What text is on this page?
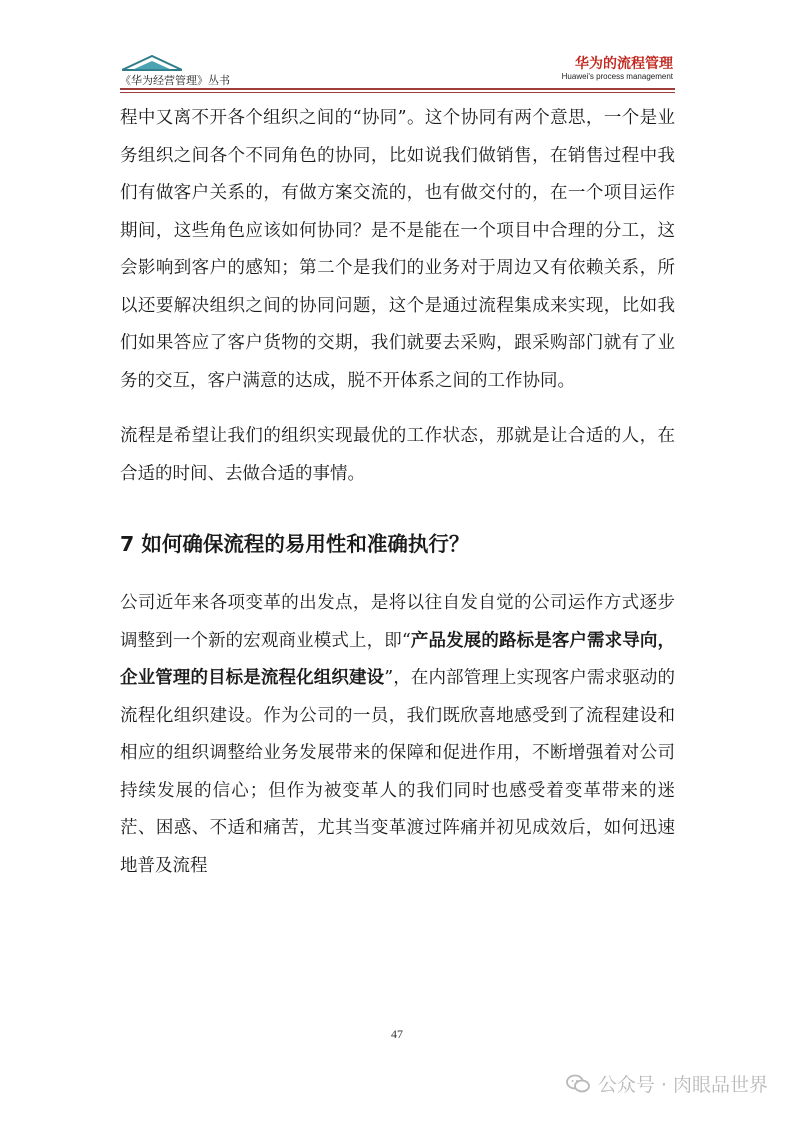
《华为经营管理》丛书
华为的流程管理
Huawei's process management

程中又离不开各个组织之间的“协同”。这个协同有两个意思，一个是业务组织之间各个不同角色的协同，比如说我们做销售，在销售过程中我们有做客户关系的，有做方案交流的，也有做交付的，在一个项目运作期间，这些角色应该如何协同？是不是能在一个项目中合理的分工，这会影响到客户的感知；第二个是我们的业务对于周边又有依赖关系，所以还要解决组织之间的协同问题，这个是通过流程集成来实现，比如我们如果答应了客户货物的交期，我们就要去采购，跟采购部门就有了业务的交互，客户满意的达成，脱不开体系之间的工作协同。

流程是希望让我们的组织实现最优的工作状态，那就是让合适的人，在合适的时间、去做合适的事情。

7 如何确保流程的易用性和准确执行？

公司近年来各项变革的出发点，是将以往自发自觉的公司运作方式逐步调整到一个新的宏观商业模式上，即“产品发展的路标是客户需求导向，企业管理的目标是流程化组织建设”，在内部管理上实现客户需求驱动的流程化组织建设。作为公司的一员，我们既欣喜地感受到了流程建设和相应的组织调整给业务发展带来的保障和促进作用，不断增强着对公司持续发展的信心；但作为被变革人的我们同时也感受着变革带来的迷茫、困惑、不适和痛苦，尤其当变革渡过阵痛并初见成效后，如何迅速地普及流程

47
公众号 · 肉眼品世界
